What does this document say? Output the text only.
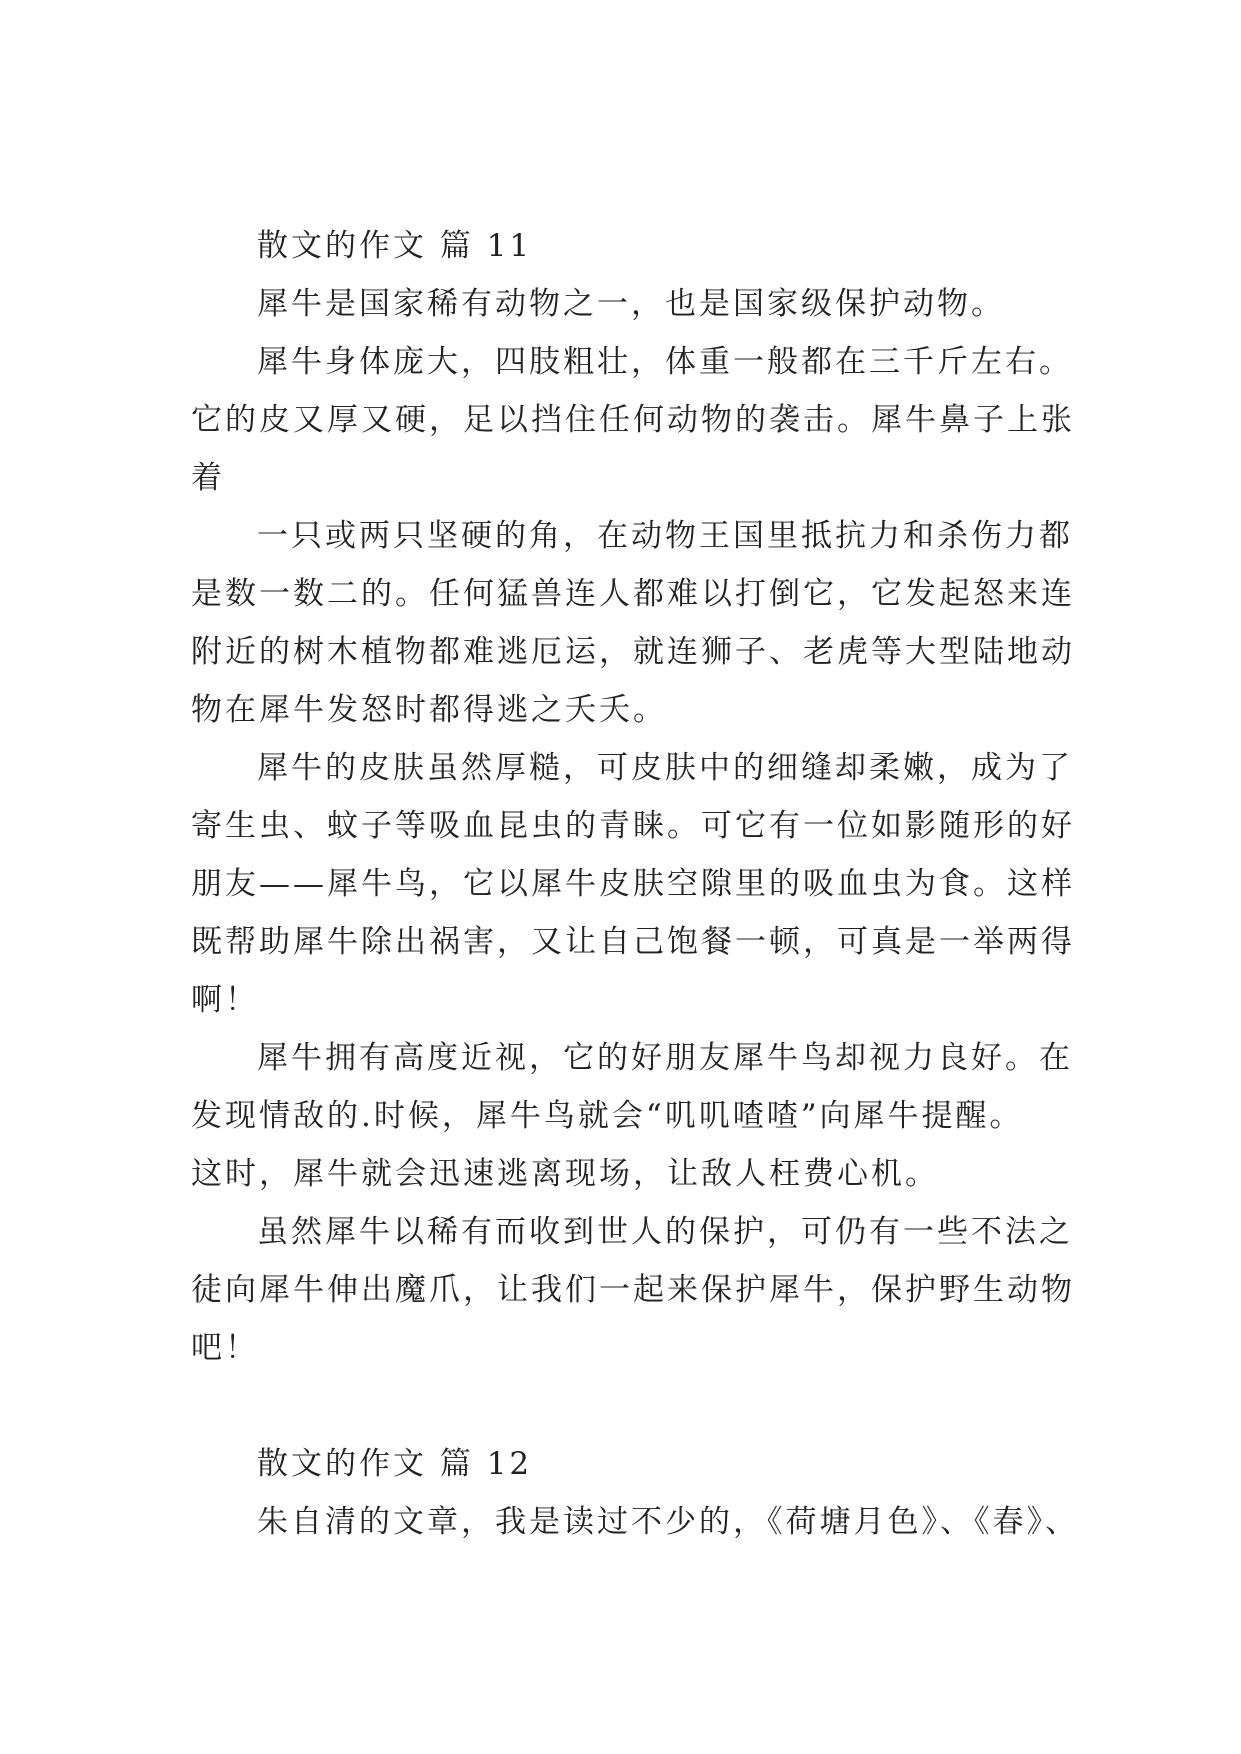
散文的作文 篇 11
犀牛是国家稀有动物之一，也是国家级保护动物。
犀牛身体庞大，四肢粗壮，体重一般都在三千斤左右。
它的皮又厚又硬，足以挡住任何动物的袭击。犀牛鼻子上张
着
一只或两只坚硬的角，在动物王国里抵抗力和杀伤力都
是数一数二的。任何猛兽连人都难以打倒它，它发起怒来连
附近的树木植物都难逃厄运，就连狮子、老虎等大型陆地动
物在犀牛发怒时都得逃之夭夭。
犀牛的皮肤虽然厚糙，可皮肤中的细缝却柔嫩，成为了
寄生虫、蚊子等吸血昆虫的青睐。可它有一位如影随形的好
朋友——犀牛鸟，它以犀牛皮肤空隙里的吸血虫为食。这样
既帮助犀牛除出祸害，又让自己饱餐一顿，可真是一举两得
啊！
犀牛拥有高度近视，它的好朋友犀牛鸟却视力良好。在
发现情敌的.时候，犀牛鸟就会“叽叽喳喳”向犀牛提醒。
这时，犀牛就会迅速逃离现场，让敌人枉费心机。
虽然犀牛以稀有而收到世人的保护，可仍有一些不法之
徒向犀牛伸出魔爪，让我们一起来保护犀牛，保护野生动物
吧！
散文的作文 篇 12
朱自清的文章，我是读过不少的，《荷塘月色》、《春》、
